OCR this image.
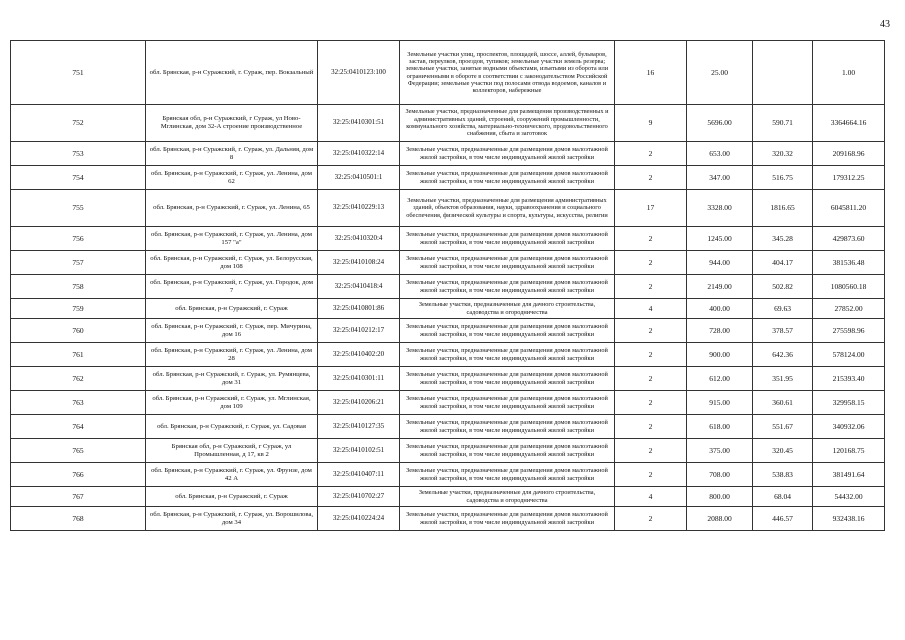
43
751	обл. Брянская, р-н Суражский, г. Сураж, пер. Вокзальный	32:25:0410123:100	Земельные участки улиц, проспектов, площадей, шоссе, аллей, бульваров, застав, переулков, проездов, тупиков; земельные участки земель резерва; земельные участки, занятые водными объектами, изъятыми из оборота или ограниченными в обороте в соответствии с законодательством Российской Федерации; земельные участки под полосами отвода водоемов, каналов и коллекторов, набережные	16	25.00		1.00
752	Брянская обл, р-н Суражский, г Сураж, ул Ново-Мглинская, дом 32-А строение производственное	32:25:0410301:51	Земельные участки, предназначенные для размещения производственных и административных зданий, строений, сооружений промышленности, коммунального хозяйства, материально-технического, продовольственного снабжения, сбыта и заготовок	9	5696.00	590.71	3364664.16
753	обл. Брянская, р-н Суражский, г. Сураж, ул. Дальняя, дом 8	32:25:0410322:14	Земельные участки, предназначенные для размещения домов малоэтажной жилой застройки, в том числе индивидуальной жилой застройки	2	653.00	320.32	209168.96
754	обл. Брянская, р-н Суражский, г. Сураж, ул. Ленина, дом 62	32:25:0410501:1	Земельные участки, предназначенные для размещения домов малоэтажной жилой застройки, в том числе индивидуальной жилой застройки	2	347.00	516.75	179312.25
755	обл. Брянская, р-н Суражский, г. Сураж, ул. Ленина, 65	32:25:0410229:13	Земельные участки, предназначенные для размещения административных зданий, объектов образования, науки, здравоохранения и социального обеспечения, физической культуры и спорта, культуры, искусства, религии	17	3328.00	1816.65	6045811.20
756	обл. Брянская, р-н Суражский, г. Сураж, ул. Ленина, дом 157 "а"	32:25:0410320:4	Земельные участки, предназначенные для размещения домов малоэтажной жилой застройки, в том числе индивидуальной жилой застройки	2	1245.00	345.28	429873.60
757	обл. Брянская, р-н Суражский, г. Сураж, ул. Белорусская, дом 108	32:25:0410108:24	Земельные участки, предназначенные для размещения домов малоэтажной жилой застройки, в том числе индивидуальной жилой застройки	2	944.00	404.17	381536.48
758	обл. Брянская, р-н Суражский, г. Сураж, ул. Городок, дом 7	32:25:0410418:4	Земельные участки, предназначенные для размещения домов малоэтажной жилой застройки, в том числе индивидуальной жилой застройки	2	2149.00	502.82	1080560.18
759	обл. Брянская, р-н Суражский, г. Сураж	32:25:0410801:86	Земельные участки, предназначенные для дачного строительства, садоводства и огородничества	4	400.00	69.63	27852.00
760	обл. Брянская, р-н Суражский, г. Сураж, пер. Мичурина, дом 16	32:25:0410212:17	Земельные участки, предназначенные для размещения домов малоэтажной жилой застройки, в том числе индивидуальной жилой застройки	2	728.00	378.57	275598.96
761	обл. Брянская, р-н Суражский, г. Сураж, ул. Ленина, дом 28	32:25:0410402:20	Земельные участки, предназначенные для размещения домов малоэтажной жилой застройки, в том числе индивидуальной жилой застройки	2	900.00	642.36	578124.00
762	обл. Брянская, р-н Суражский, г. Сураж, ул. Румянцева, дом 31	32:25:0410301:11	Земельные участки, предназначенные для размещения домов малоэтажной жилой застройки, в том числе индивидуальной жилой застройки	2	612.00	351.95	215393.40
763	обл. Брянская, р-н Суражский, г. Сураж, ул. Мглинская, дом 109	32:25:0410206:21	Земельные участки, предназначенные для размещения домов малоэтажной жилой застройки, в том числе индивидуальной жилой застройки	2	915.00	360.61	329958.15
764	обл. Брянская, р-н Суражский, г. Сураж, ул. Садовая	32:25:0410127:35	Земельные участки, предназначенные для размещения домов малоэтажной жилой застройки, в том числе индивидуальной жилой застройки	2	618.00	551.67	340932.06
765	Брянская обл, р-н Суражский, г Сураж, ул Промышленная, д 17, кв 2	32:25:0410102:51	Земельные участки, предназначенные для размещения домов малоэтажной жилой застройки, в том числе индивидуальной жилой застройки	2	375.00	320.45	120168.75
766	обл. Брянская, р-н Суражский, г. Сураж, ул. Фрунзе, дом 42 А	32:25:0410407:11	Земельные участки, предназначенные для размещения домов малоэтажной жилой застройки, в том числе индивидуальной жилой застройки	2	708.00	538.83	381491.64
767	обл. Брянская, р-н Суражский, г. Сураж	32:25:0410702:27	Земельные участки, предназначенные для дачного строительства, садоводства и огородничества	4	800.00	68.04	54432.00
768	обл. Брянская, р-н Суражский, г. Сураж, ул. Ворошилова, дом 34	32:25:0410224:24	Земельные участки, предназначенные для размещения домов малоэтажной жилой застройки, в том числе индивидуальной жилой застройки	2	2088.00	446.57	932438.16
